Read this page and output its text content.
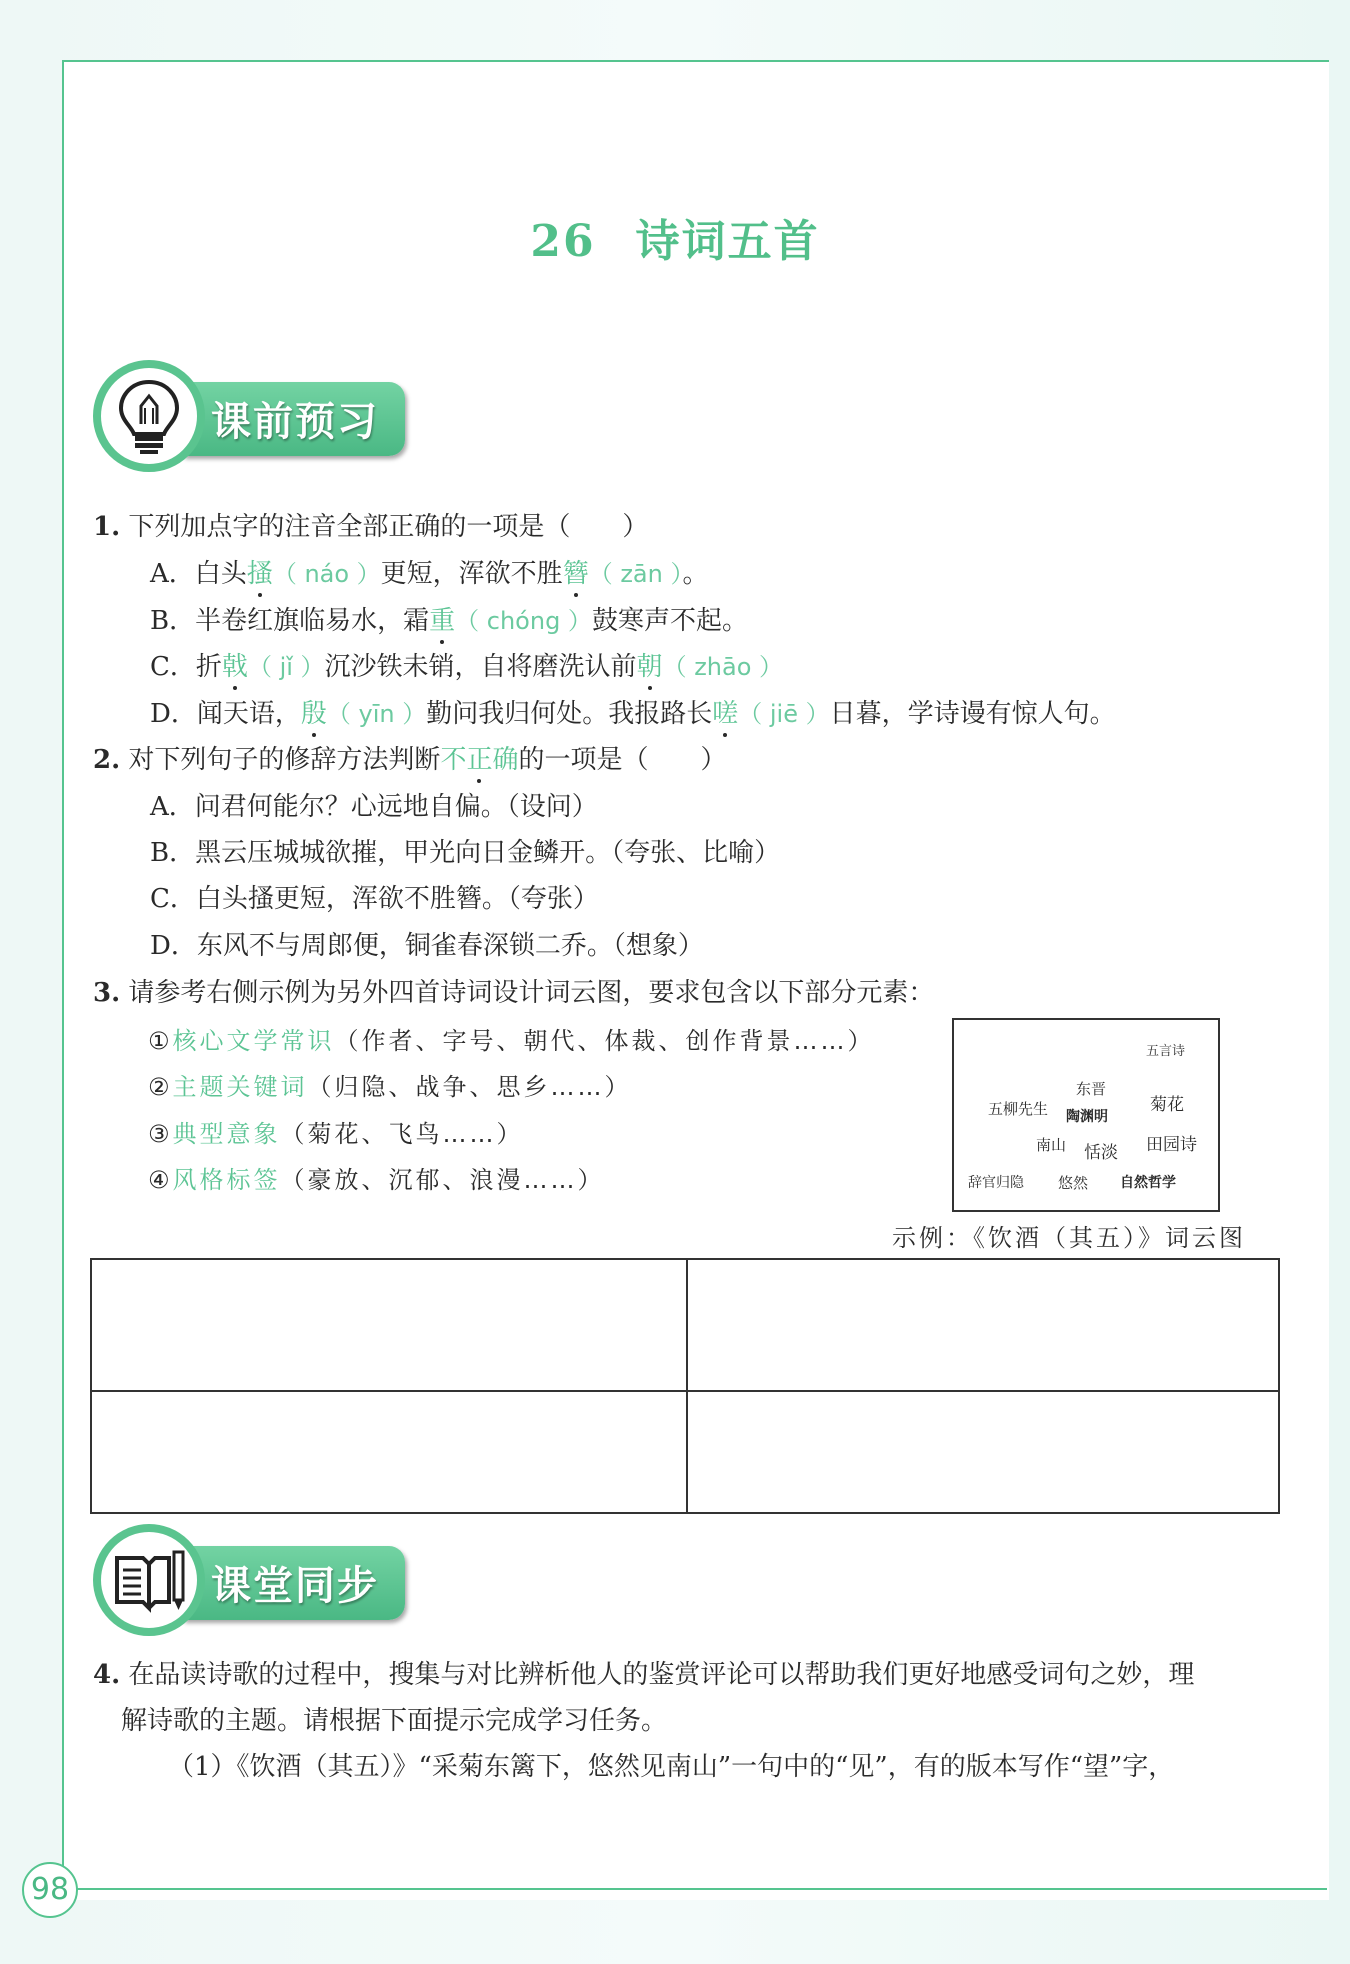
98
26 诗词五首
课前预习
1. 下列加点字的注音全部正确的一项是（　　）
A．白头搔（ náo ）更短，浑欲不胜簪（ zān ）。
B．半卷红旗临易水，霜重（ chóng ）鼓寒声不起。
C．折戟（ jǐ ）沉沙铁未销，自将磨洗认前朝（ zhāo ）
D．闻天语，殷（ yīn ）勤问我归何处。我报路长嗟（ jiē ）日暮，学诗谩有惊人句。
2. 对下列句子的修辞方法判断不正确的一项是（　　）
A．问君何能尔？心远地自偏。（设问）
B．黑云压城城欲摧，甲光向日金鳞开。（夸张、比喻）
C．白头搔更短，浑欲不胜簪。（夸张）
D．东风不与周郎便，铜雀春深锁二乔。（想象）
3. 请参考右侧示例为另外四首诗词设计词云图，要求包含以下部分元素：
①核心文学常识（作者、字号、朝代、体裁、创作背景……）
②主题关键词（归隐、战争、思乡……）
③典型意象（菊花、飞鸟……）
④风格标签（豪放、沉郁、浪漫……）
五言诗
东晋
菊花
五柳先生 陶渊明
南山 恬淡 田园诗
辞官归隐 悠然 自然哲学
示例：《饮酒（其五）》词云图
课堂同步
4. 在品读诗歌的过程中，搜集与对比辨析他人的鉴赏评论可以帮助我们更好地感受词句之妙，理
解诗歌的主题。请根据下面提示完成学习任务。
（1）《饮酒（其五）》“采菊东篱下，悠然见南山”一句中的“见”，有的版本写作“望”字，
